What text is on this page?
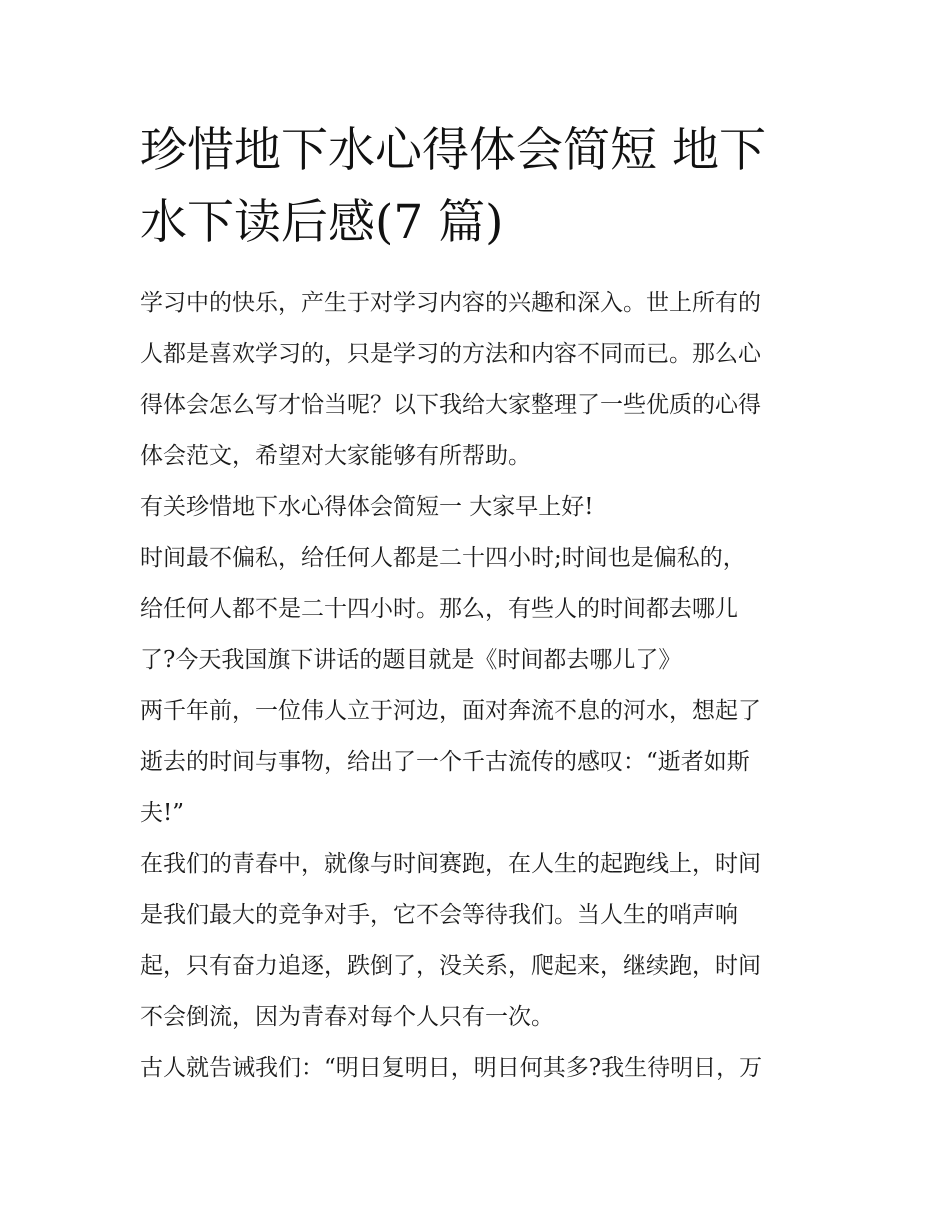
珍惜地下水心得体会简短 地下
水下读后感(7 篇)
学习中的快乐，产生于对学习内容的兴趣和深入。世上所有的
人都是喜欢学习的，只是学习的方法和内容不同而已。那么心
得体会怎么写才恰当呢？以下我给大家整理了一些优质的心得
体会范文，希望对大家能够有所帮助。
有关珍惜地下水心得体会简短一 大家早上好!
时间最不偏私，给任何人都是二十四小时;时间也是偏私的，
给任何人都不是二十四小时。那么，有些人的时间都去哪儿
了?今天我国旗下讲话的题目就是《时间都去哪儿了》
两千年前，一位伟人立于河边，面对奔流不息的河水，想起了
逝去的时间与事物，给出了一个千古流传的感叹：“逝者如斯
夫!”
在我们的青春中，就像与时间赛跑，在人生的起跑线上，时间
是我们最大的竞争对手，它不会等待我们。当人生的哨声响
起，只有奋力追逐，跌倒了，没关系，爬起来，继续跑，时间
不会倒流，因为青春对每个人只有一次。
古人就告诫我们：“明日复明日，明日何其多?我生待明日，万
